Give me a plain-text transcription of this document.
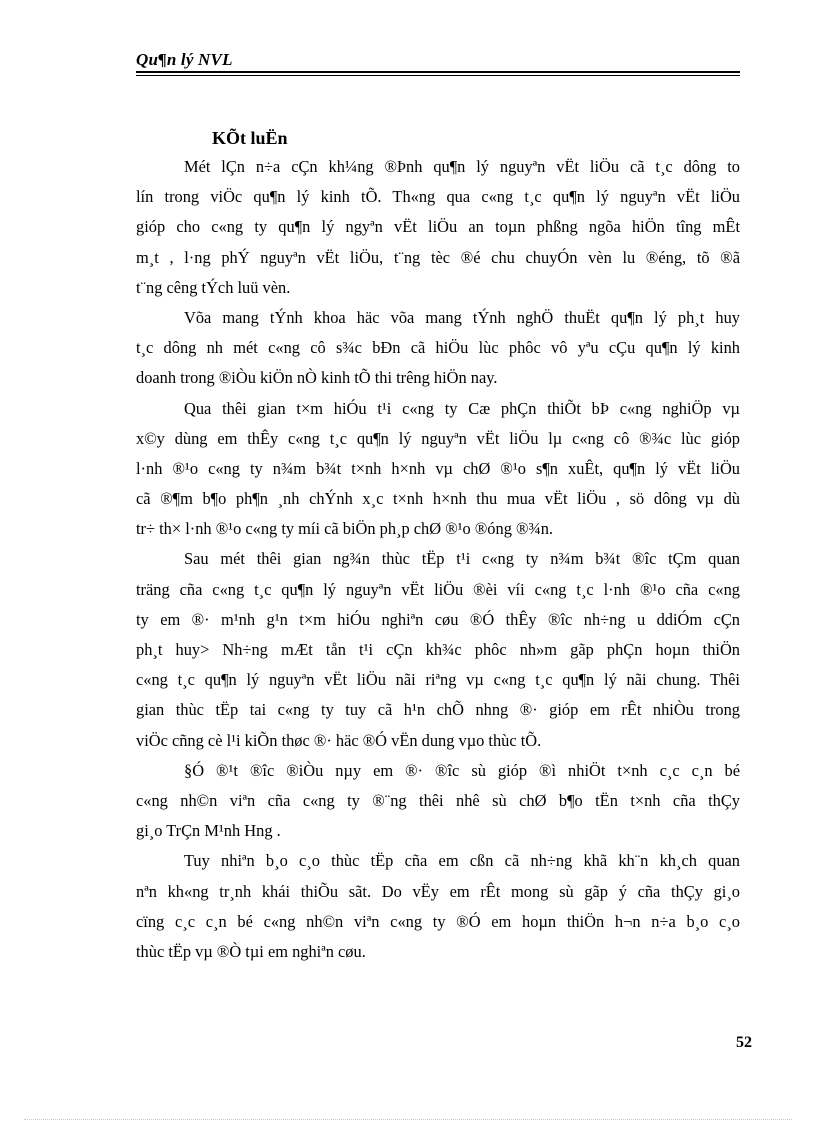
Qu¶n lý NVL
KÕt luËn
Mét lÇn n÷a cÇn kh¼ng ®Þnh qu¶n lý nguyªn vËt liÖu cã t¸c dông to
lín trong viÖc qu¶n lý kinh tÕ. Th«ng qua c«ng t¸c qu¶n lý nguyªn vËt liÖu
gióp cho c«ng ty qu¶n lý ngyªn vËt liÖu an toµn phßng ngõa hiÖn tîng mÊt
m¸t , l·ng phÝ nguyªn vËt liÖu, t¨ng tèc ®é chu chuyÓn vèn lu ®éng, tõ ®ã
t¨ng cêng tÝch luü vèn.
Võa mang tÝnh khoa häc võa mang tÝnh nghÖ thuËt qu¶n lý ph¸t huy
t¸c dông nh mét c«ng cô s¾c bÐn cã hiÖu lùc phôc vô yªu cÇu qu¶n lý kinh
doanh trong ®iÒu kiÖn nÒ kinh tÕ thi trêng hiÖn nay.
Qua thêi gian t×m hiÓu t¹i c«ng ty Cæ phÇn thiÕt bÞ c«ng nghiÖp vµ
x©y dùng em thÊy c«ng t¸c qu¶n lý nguyªn vËt liÖu lµ c«ng cô ®¾c lùc gióp
l·nh ®¹o c«ng ty n¾m b¾t t×nh h×nh vµ chØ ®¹o s¶n xuÊt, qu¶n lý vËt liÖu
cã ®¶m b¶o ph¶n ¸nh chÝnh x¸c t×nh h×nh thu mua vËt liÖu , sö dông vµ dù
tr÷ th× l·nh ®¹o c«ng ty míi cã biÖn ph¸p chØ ®¹o ®óng ®¾n.
Sau mét thêi gian ng¾n thùc tËp t¹i c«ng ty n¾m b¾t ®îc tÇm quan
träng cña c«ng t¸c qu¶n lý nguyªn vËt liÖu ®èi víi c«ng t¸c l·nh ®¹o cña c«ng
ty em ®· m¹nh g¹n t×m hiÓu nghiªn cøu ®Ó thÊy ®îc nh÷ng u ddiÓm cÇn
ph¸t huy> Nh÷ng mÆt tån t¹i cÇn kh¾c phôc nh»m gãp phÇn hoµn thiÖn
c«ng t¸c qu¶n lý nguyªn vËt liÖu nãi riªng vµ c«ng t¸c qu¶n lý nãi chung. Thêi
gian thùc tËp tai c«ng ty tuy cã h¹n chÕ nhng ®· gióp em rÊt nhiÒu trong
viÖc cñng cè l¹i kiÕn thøc ®· häc ®Ó vËn dung vµo thùc tÕ.
§Ó ®¹t ®îc ®iÒu nµy em ®· ®îc sù gióp ®ì nhiÖt t×nh c¸c c¸n bé
c«ng nh©n viªn cña c«ng ty ®¨ng thêi nhê sù chØ b¶o tËn t×nh cña thÇy
gi¸o TrÇn M¹nh Hng .
Tuy nhiªn b¸o c¸o thùc tËp cña em cßn cã nh÷ng khã kh¨n kh¸ch quan
nªn kh«ng tr¸nh khái thiÕu sãt. Do vËy em rÊt mong sù gãp ý cña thÇy gi¸o
cïng c¸c c¸n bé c«ng nh©n viªn c«ng ty ®Ó em hoµn thiÖn h¬n n÷a b¸o c¸o
thùc tËp vµ ®Ò tµi em nghiªn cøu.
52
